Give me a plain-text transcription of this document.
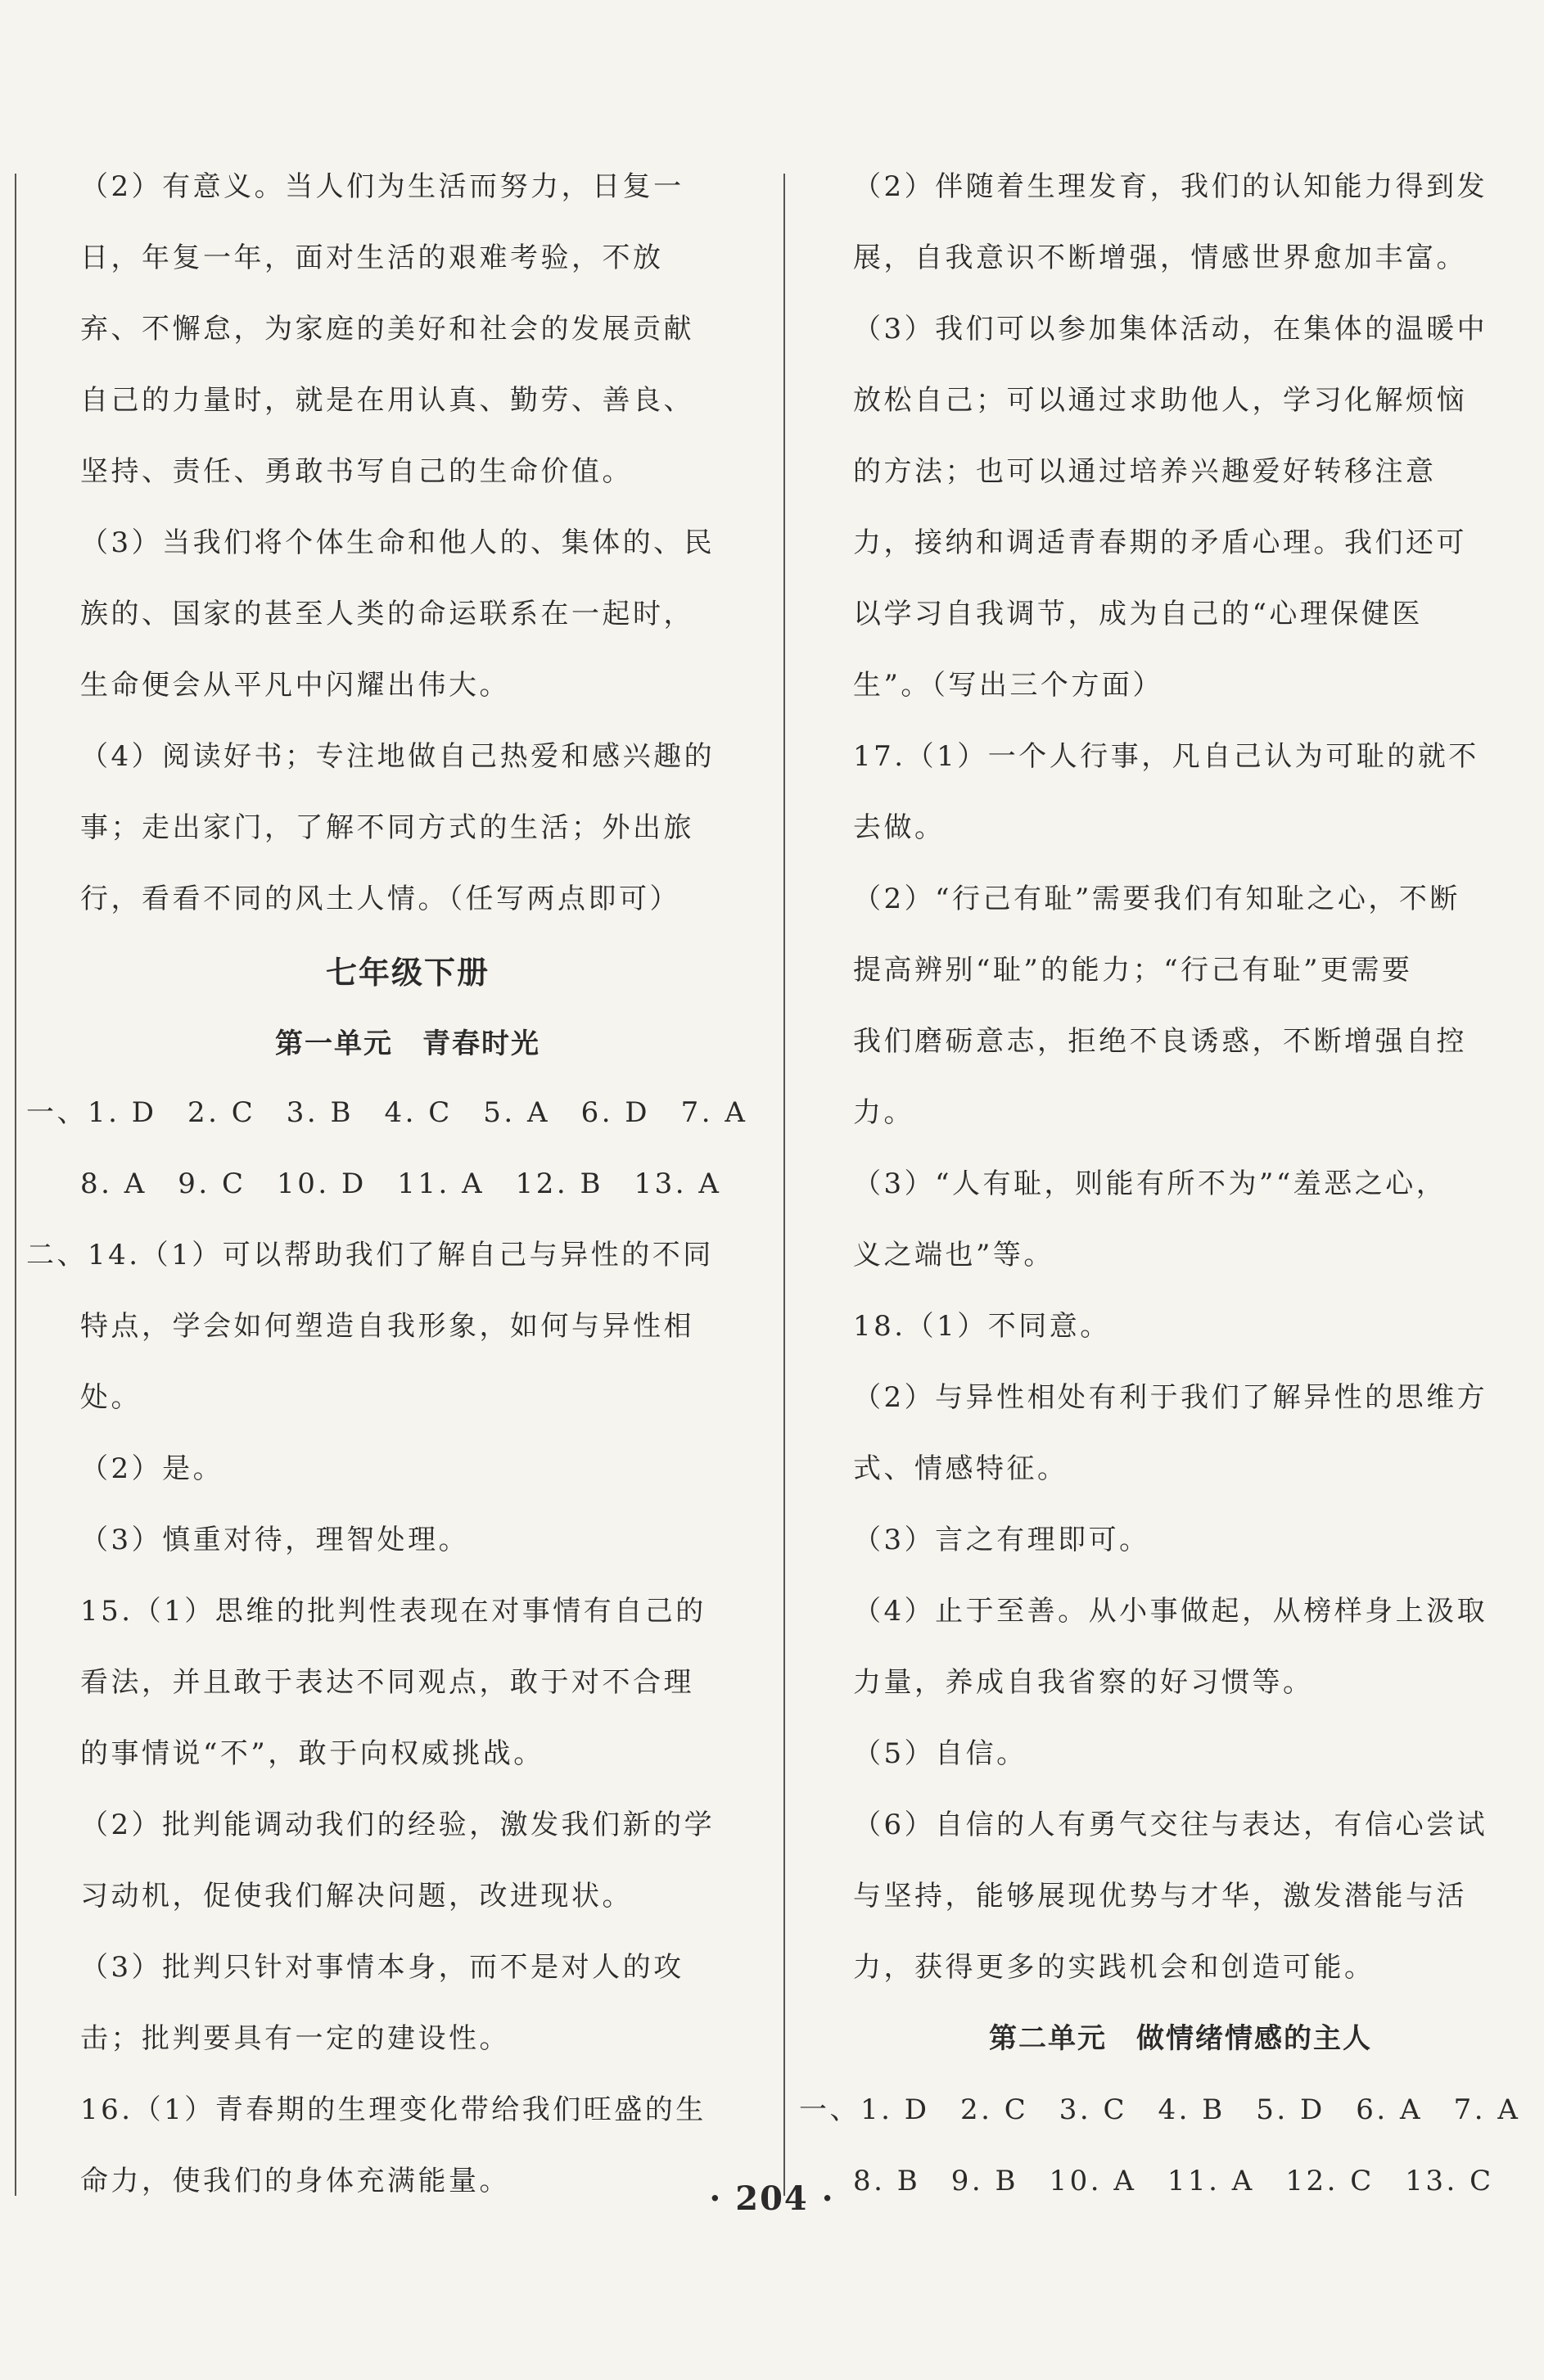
（2）有意义。当人们为生活而努力，日复一
日，年复一年，面对生活的艰难考验，不放
弃、不懈怠，为家庭的美好和社会的发展贡献
自己的力量时，就是在用认真、勤劳、善良、
坚持、责任、勇敢书写自己的生命价值。
（3）当我们将个体生命和他人的、集体的、民
族的、国家的甚至人类的命运联系在一起时，
生命便会从平凡中闪耀出伟大。
（4）阅读好书；专注地做自己热爱和感兴趣的
事；走出家门，了解不同方式的生活；外出旅
行，看看不同的风土人情。（任写两点即可）
七年级下册
第一单元　青春时光
一、1. D　2. C　3. B　4. C　5. A　6. D　7. A
8. A　9. C　10. D　11. A　12. B　13. A
二、14.（1）可以帮助我们了解自己与异性的不同
特点，学会如何塑造自我形象，如何与异性相
处。
（2）是。
（3）慎重对待，理智处理。
15.（1）思维的批判性表现在对事情有自己的
看法，并且敢于表达不同观点，敢于对不合理
的事情说“不”，敢于向权威挑战。
（2）批判能调动我们的经验，激发我们新的学
习动机，促使我们解决问题，改进现状。
（3）批判只针对事情本身，而不是对人的攻
击；批判要具有一定的建设性。
16.（1）青春期的生理变化带给我们旺盛的生
命力，使我们的身体充满能量。
（2）伴随着生理发育，我们的认知能力得到发
展，自我意识不断增强，情感世界愈加丰富。
（3）我们可以参加集体活动，在集体的温暖中
放松自己；可以通过求助他人，学习化解烦恼
的方法；也可以通过培养兴趣爱好转移注意
力，接纳和调适青春期的矛盾心理。我们还可
以学习自我调节，成为自己的“心理保健医
生”。（写出三个方面）
17.（1）一个人行事，凡自己认为可耻的就不
去做。
（2）“行己有耻”需要我们有知耻之心，不断
提高辨别“耻”的能力；“行己有耻”更需要
我们磨砺意志，拒绝不良诱惑，不断增强自控
力。
（3）“人有耻，则能有所不为”“羞恶之心，
义之端也”等。
18.（1）不同意。
（2）与异性相处有利于我们了解异性的思维方
式、情感特征。
（3）言之有理即可。
（4）止于至善。从小事做起，从榜样身上汲取
力量，养成自我省察的好习惯等。
（5）自信。
（6）自信的人有勇气交往与表达，有信心尝试
与坚持，能够展现优势与才华，激发潜能与活
力，获得更多的实践机会和创造可能。
第二单元　做情绪情感的主人
一、1. D　2. C　3. C　4. B　5. D　6. A　7. A
8. B　9. B　10. A　11. A　12. C　13. C
· 204 ·
